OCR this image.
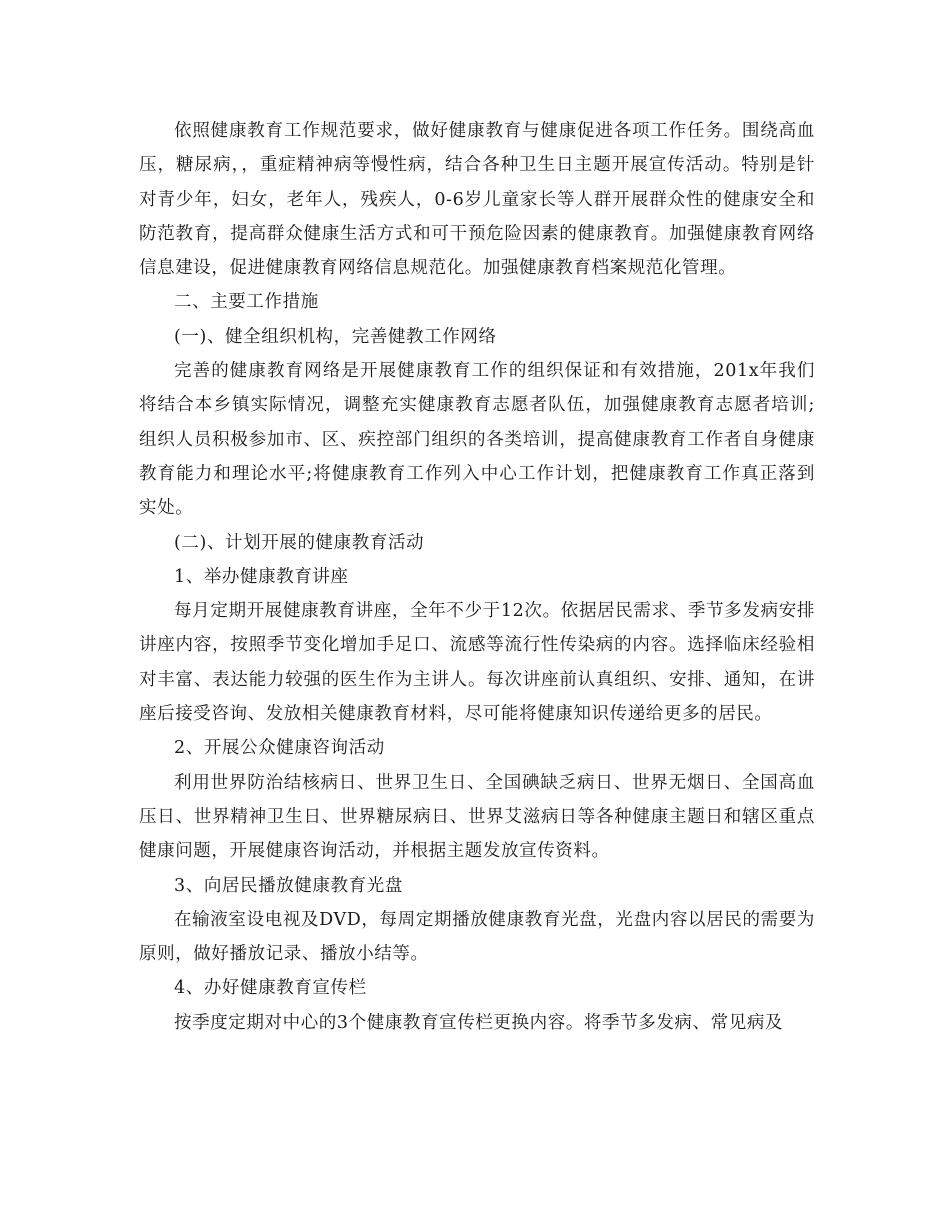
依照健康教育工作规范要求，做好健康教育与健康促进各项工作任务。围绕高血压，糖尿病，，重症精神病等慢性病，结合各种卫生日主题开展宣传活动。特别是针对青少年，妇女，老年人，残疾人，0-6岁儿童家长等人群开展群众性的健康安全和防范教育，提高群众健康生活方式和可干预危险因素的健康教育。加强健康教育网络信息建设，促进健康教育网络信息规范化。加强健康教育档案规范化管理。

二、主要工作措施

(一)、健全组织机构，完善健教工作网络

完善的健康教育网络是开展健康教育工作的组织保证和有效措施，201x年我们将结合本乡镇实际情况，调整充实健康教育志愿者队伍，加强健康教育志愿者培训;组织人员积极参加市、区、疾控部门组织的各类培训，提高健康教育工作者自身健康教育能力和理论水平;将健康教育工作列入中心工作计划，把健康教育工作真正落到实处。

(二)、计划开展的健康教育活动

1、举办健康教育讲座

每月定期开展健康教育讲座，全年不少于12次。依据居民需求、季节多发病安排讲座内容，按照季节变化增加手足口、流感等流行性传染病的内容。选择临床经验相对丰富、表达能力较强的医生作为主讲人。每次讲座前认真组织、安排、通知，在讲座后接受咨询、发放相关健康教育材料，尽可能将健康知识传递给更多的居民。

2、开展公众健康咨询活动

利用世界防治结核病日、世界卫生日、全国碘缺乏病日、世界无烟日、全国高血压日、世界精神卫生日、世界糖尿病日、世界艾滋病日等各种健康主题日和辖区重点健康问题，开展健康咨询活动，并根据主题发放宣传资料。

3、向居民播放健康教育光盘

在输液室设电视及DVD，每周定期播放健康教育光盘，光盘内容以居民的需要为原则，做好播放记录、播放小结等。

4、办好健康教育宣传栏

按季度定期对中心的3个健康教育宣传栏更换内容。将季节多发病、常见病及
